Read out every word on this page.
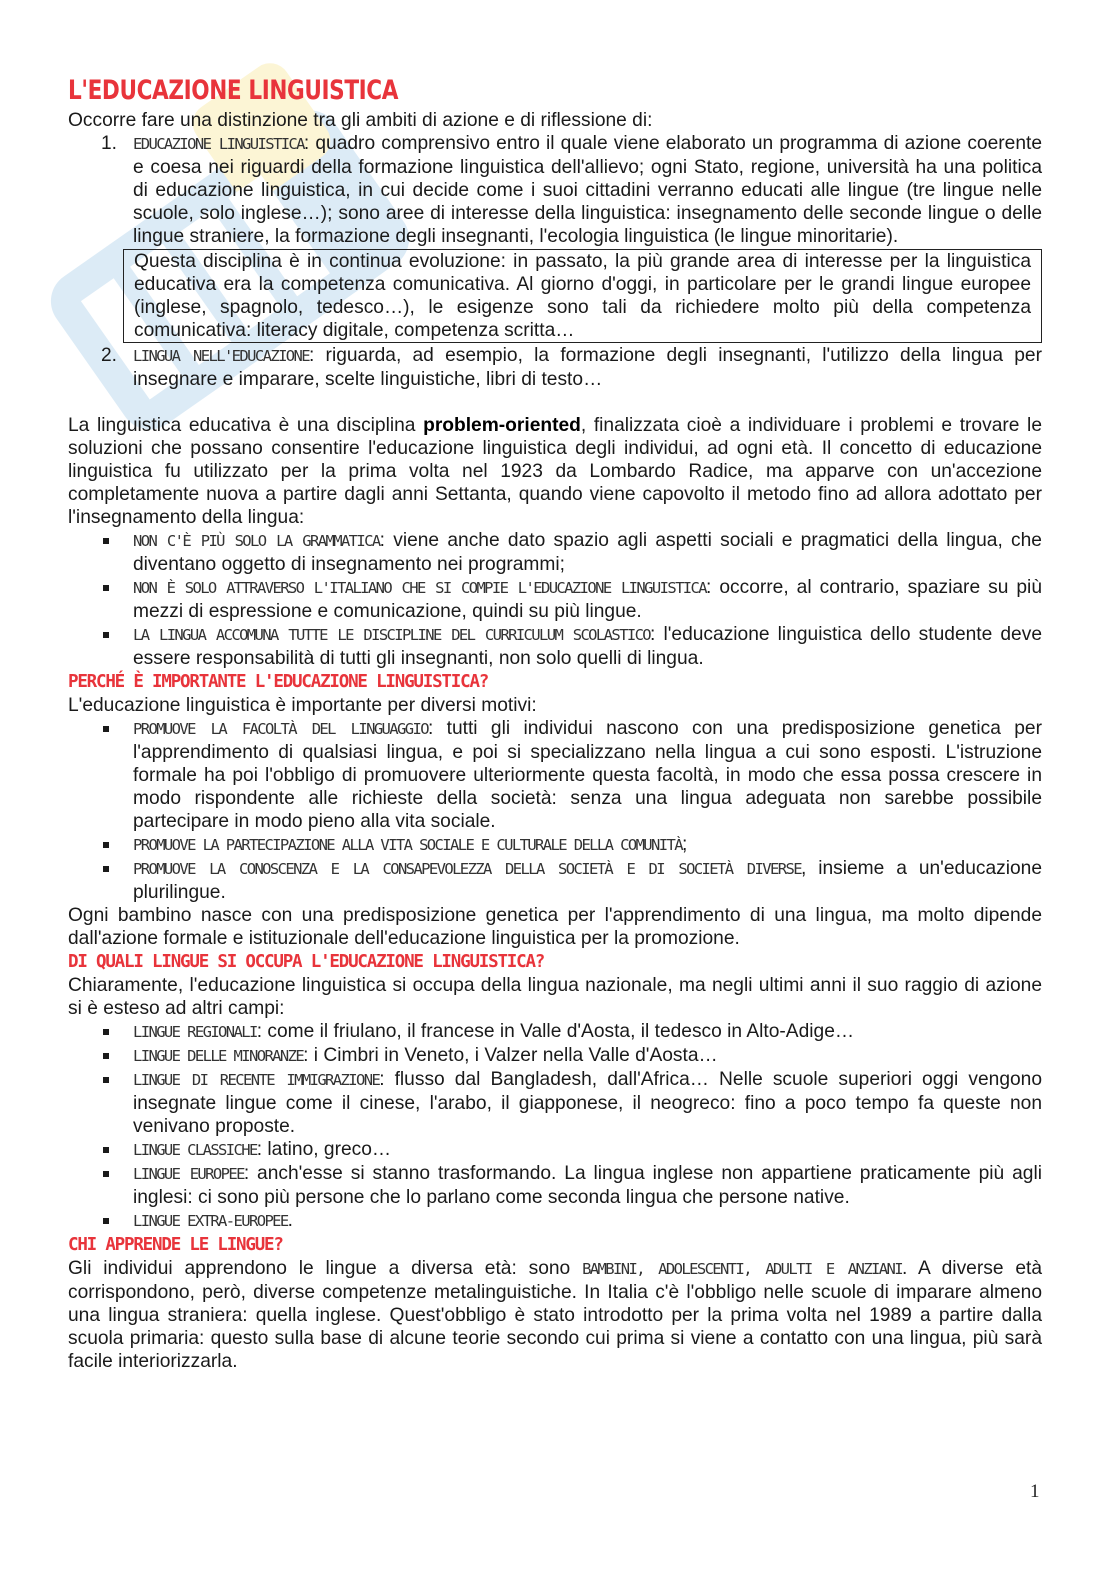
L'EDUCAZIONE LINGUISTICA

Occorre fare una distinzione tra gli ambiti di azione e di riflessione di:

1. EDUCAZIONE LINGUISTICA: quadro comprensivo entro il quale viene elaborato un programma di azione coerente e coesa nei riguardi della formazione linguistica dell'allievo; ogni Stato, regione, università ha una politica di educazione linguistica, in cui decide come i suoi cittadini verranno educati alle lingue (tre lingue nelle scuole, solo inglese…); sono aree di interesse della linguistica: insegnamento delle seconde lingue o delle lingue straniere, la formazione degli insegnanti, l'ecologia linguistica (le lingue minoritarie).
Questa disciplina è in continua evoluzione: in passato, la più grande area di interesse per la linguistica educativa era la competenza comunicativa. Al giorno d'oggi, in particolare per le grandi lingue europee (inglese, spagnolo, tedesco…), le esigenze sono tali da richiedere molto più della competenza comunicativa: literacy digitale, competenza scritta…
2. LINGUA NELL'EDUCAZIONE: riguarda, ad esempio, la formazione degli insegnanti, l'utilizzo della lingua per insegnare e imparare, scelte linguistiche, libri di testo…

La linguistica educativa è una disciplina problem-oriented, finalizzata cioè a individuare i problemi e trovare le soluzioni che possano consentire l'educazione linguistica degli individui, ad ogni età. Il concetto di educazione linguistica fu utilizzato per la prima volta nel 1923 da Lombardo Radice, ma apparve con un'accezione completamente nuova a partire dagli anni Settanta, quando viene capovolto il metodo fino ad allora adottato per l'insegnamento della lingua:

NON C'È PIÙ SOLO LA GRAMMATICA: viene anche dato spazio agli aspetti sociali e pragmatici della lingua, che diventano oggetto di insegnamento nei programmi;
NON È SOLO ATTRAVERSO L'ITALIANO CHE SI COMPIE L'EDUCAZIONE LINGUISTICA: occorre, al contrario, spaziare su più mezzi di espressione e comunicazione, quindi su più lingue.
LA LINGUA ACCOMUNA TUTTE LE DISCIPLINE DEL CURRICULUM SCOLASTICO: l'educazione linguistica dello studente deve essere responsabilità di tutti gli insegnanti, non solo quelli di lingua.
PERCHÉ È IMPORTANTE L'EDUCAZIONE LINGUISTICA?

L'educazione linguistica è importante per diversi motivi:

PROMUOVE LA FACOLTÀ DEL LINGUAGGIO: tutti gli individui nascono con una predisposizione genetica per l'apprendimento di qualsiasi lingua, e poi si specializzano nella lingua a cui sono esposti. L'istruzione formale ha poi l'obbligo di promuovere ulteriormente questa facoltà, in modo che essa possa crescere in modo rispondente alle richieste della società: senza una lingua adeguata non sarebbe possibile partecipare in modo pieno alla vita sociale.
PROMUOVE LA PARTECIPAZIONE ALLA VITA SOCIALE E CULTURALE DELLA COMUNITÀ;
PROMUOVE LA CONOSCENZA E LA CONSAPEVOLEZZA DELLA SOCIETÀ E DI SOCIETÀ DIVERSE, insieme a un'educazione plurilingue.

Ogni bambino nasce con una predisposizione genetica per l'apprendimento di una lingua, ma molto dipende dall'azione formale e istituzionale dell'educazione linguistica per la promozione.

DI QUALI LINGUE SI OCCUPA L'EDUCAZIONE LINGUISTICA?

Chiaramente, l'educazione linguistica si occupa della lingua nazionale, ma negli ultimi anni il suo raggio di azione si è esteso ad altri campi:

LINGUE REGIONALI: come il friulano, il francese in Valle d'Aosta, il tedesco in Alto-Adige…
LINGUE DELLE MINORANZE: i Cimbri in Veneto, i Valzer nella Valle d'Aosta…
LINGUE DI RECENTE IMMIGRAZIONE: flusso dal Bangladesh, dall'Africa… Nelle scuole superiori oggi vengono insegnate lingue come il cinese, l'arabo, il giapponese, il neogreco: fino a poco tempo fa queste non venivano proposte.
LINGUE CLASSICHE: latino, greco…
LINGUE EUROPEE: anch'esse si stanno trasformando. La lingua inglese non appartiene praticamente più agli inglesi: ci sono più persone che lo parlano come seconda lingua che persone native.
LINGUE EXTRA-EUROPEE.
CHI APPRENDE LE LINGUE?

Gli individui apprendono le lingue a diversa età: sono BAMBINI, ADOLESCENTI, ADULTI E ANZIANI. A diverse età corrispondono, però, diverse competenze metalinguistiche. In Italia c'è l'obbligo nelle scuole di imparare almeno una lingua straniera: quella inglese. Quest'obbligo è stato introdotto per la prima volta nel 1989 a partire dalla scuola primaria: questo sulla base di alcune teorie secondo cui prima si viene a contatto con una lingua, più sarà facile interiorizzarla.

1
